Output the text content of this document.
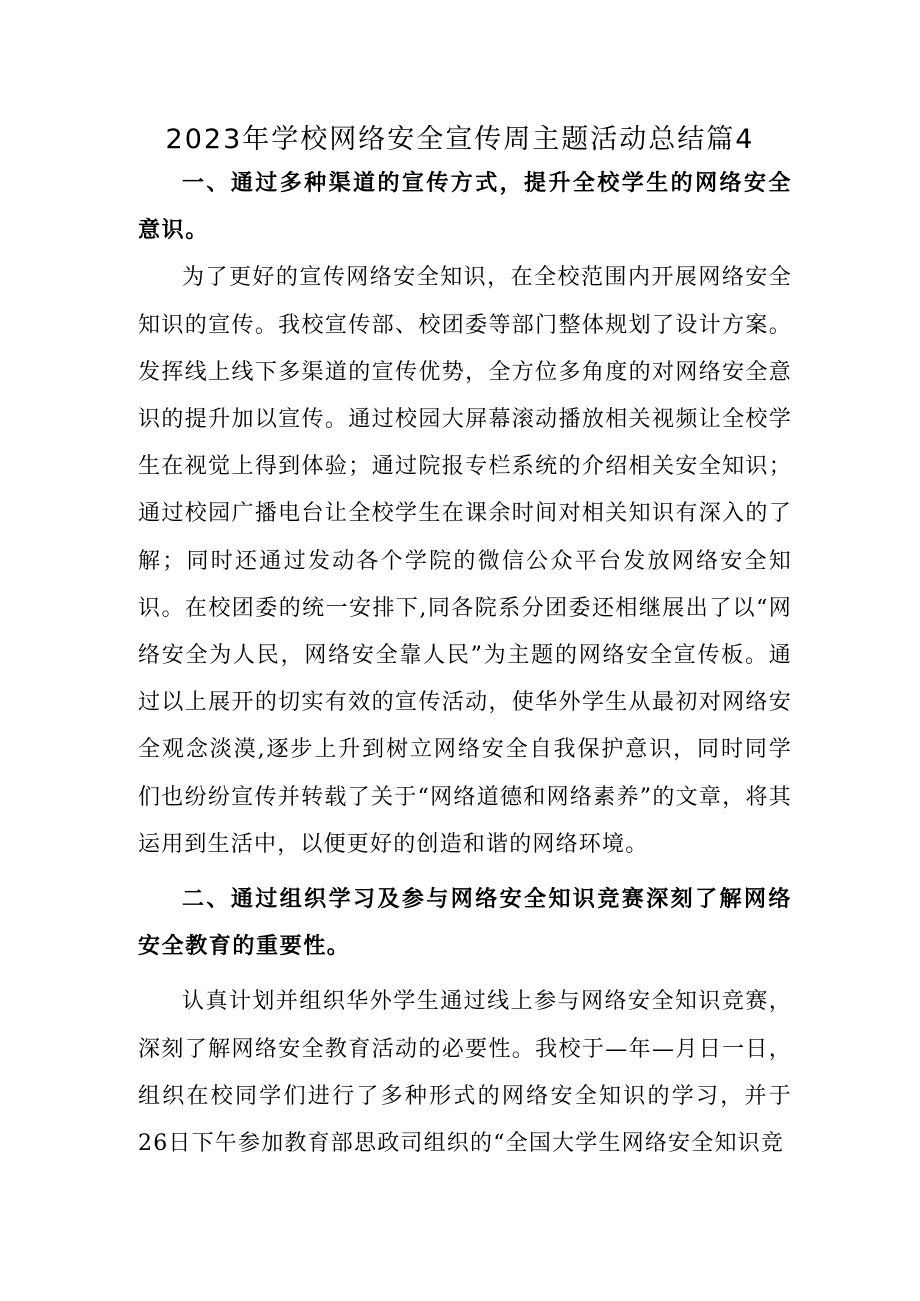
2023年学校网络安全宣传周主题活动总结篇4

一、通过多种渠道的宣传方式，提升全校学生的网络安全意识。

为了更好的宣传网络安全知识，在全校范围内开展网络安全知识的宣传。我校宣传部、校团委等部门整体规划了设计方案。发挥线上线下多渠道的宣传优势，全方位多角度的对网络安全意识的提升加以宣传。通过校园大屏幕滚动播放相关视频让全校学生在视觉上得到体验；通过院报专栏系统的介绍相关安全知识；通过校园广播电台让全校学生在课余时间对相关知识有深入的了解；同时还通过发动各个学院的微信公众平台发放网络安全知识。在校团委的统一安排下,同各院系分团委还相继展出了以“网络安全为人民，网络安全靠人民”为主题的网络安全宣传板。通过以上展开的切实有效的宣传活动，使华外学生从最初对网络安全观念淡漠,逐步上升到树立网络安全自我保护意识，同时同学们也纷纷宣传并转载了关于“网络道德和网络素养”的文章，将其运用到生活中，以便更好的创造和谐的网络环境。

二、通过组织学习及参与网络安全知识竞赛深刻了解网络安全教育的重要性。

认真计划并组织华外学生通过线上参与网络安全知识竞赛，深刻了解网络安全教育活动的必要性。我校于—年—月日一日，组织在校同学们进行了多种形式的网络安全知识的学习，并于26日下午参加教育部思政司组织的“全国大学生网络安全知识竞
